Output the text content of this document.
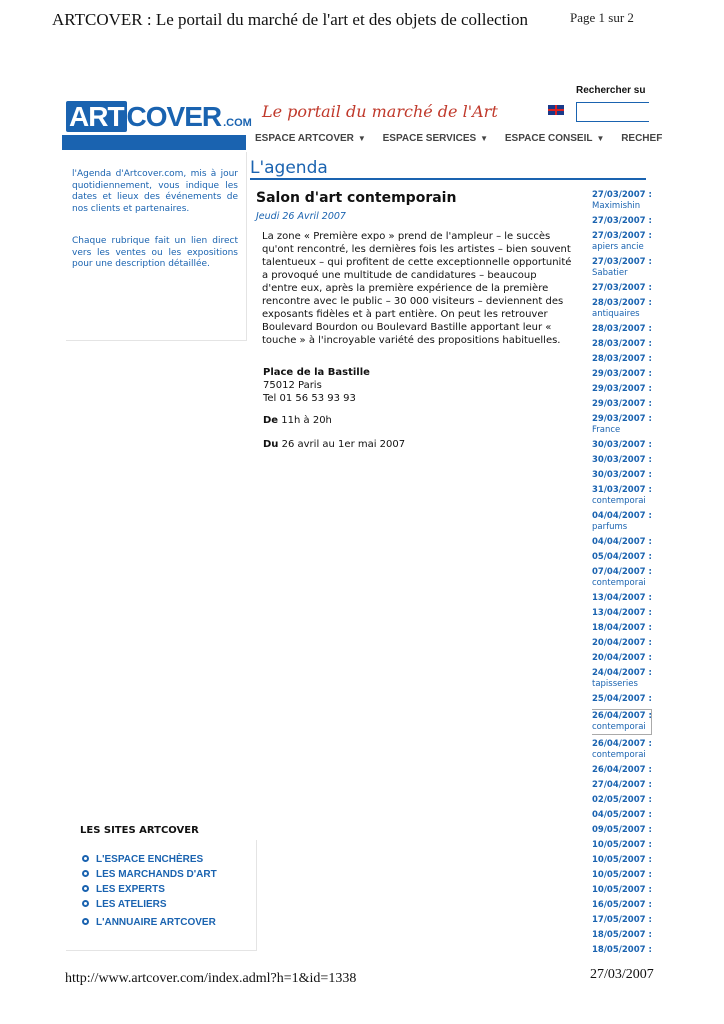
ARTCOVER : Le portail du marché de l'art et des objets de collection	Page 1 sur 2
ART COVER .COM
Le portail du marché de l'Art
Rechercher su
ESPACE ARTCOVER ▼ ESPACE SERVICES ▼ ESPACE CONSEIL ▼ RECHEF
l'Agenda d'Artcover.com, mis à jour quotidiennement, vous indique les dates et lieux des événements de nos clients et partenaires.
Chaque rubrique fait un lien direct vers les ventes ou les expositions pour une description détaillée.
L'agenda
Salon d'art contemporain
Jeudi 26 Avril 2007
La zone « Première expo » prend de l'ampleur – le succès qu'ont rencontré, les dernières fois les artistes – bien souvent talentueux – qui profitent de cette exceptionnelle opportunité a provoqué une multitude de candidatures – beaucoup d'entre eux, après la première expérience de la première rencontre avec le public – 30 000 visiteurs – deviennent des exposants fidèles et à part entière. On peut les retrouver Boulevard Bourdon ou Boulevard Bastille apportant leur « touche » à l'incroyable variété des propositions habituelles.
Place de la Bastille
75012 Paris
Tel 01 56 53 93 93
De 11h à 20h
Du 26 avril au 1er mai 2007
27/03/2007 :
Maximishin
27/03/2007 :
27/03/2007 :
apiers ancie
27/03/2007 :
Sabatier
27/03/2007 :
28/03/2007 :
antiquaires
28/03/2007 :
28/03/2007 :
28/03/2007 :
29/03/2007 :
29/03/2007 :
29/03/2007 :
29/03/2007 :
France
30/03/2007 :
30/03/2007 :
30/03/2007 :
31/03/2007 :
contemporai
04/04/2007 :
parfums
04/04/2007 :
05/04/2007 :
07/04/2007 :
contemporai
13/04/2007 :
13/04/2007 :
18/04/2007 :
20/04/2007 :
20/04/2007 :
24/04/2007 :
tapisseries
25/04/2007 :
26/04/2007 :
contemporai
26/04/2007 :
contemporai
26/04/2007 :
27/04/2007 :
02/05/2007 :
04/05/2007 :
09/05/2007 :
10/05/2007 :
10/05/2007 :
10/05/2007 :
10/05/2007 :
16/05/2007 :
17/05/2007 :
18/05/2007 :
18/05/2007 :
LES SITES ARTCOVER
L'ESPACE ENCHÈRES
LES MARCHANDS D'ART
LES EXPERTS
LES ATELIERS
L'ANNUAIRE ARTCOVER
http://www.artcover.com/index.adml?h=1&id=1338	27/03/2007
